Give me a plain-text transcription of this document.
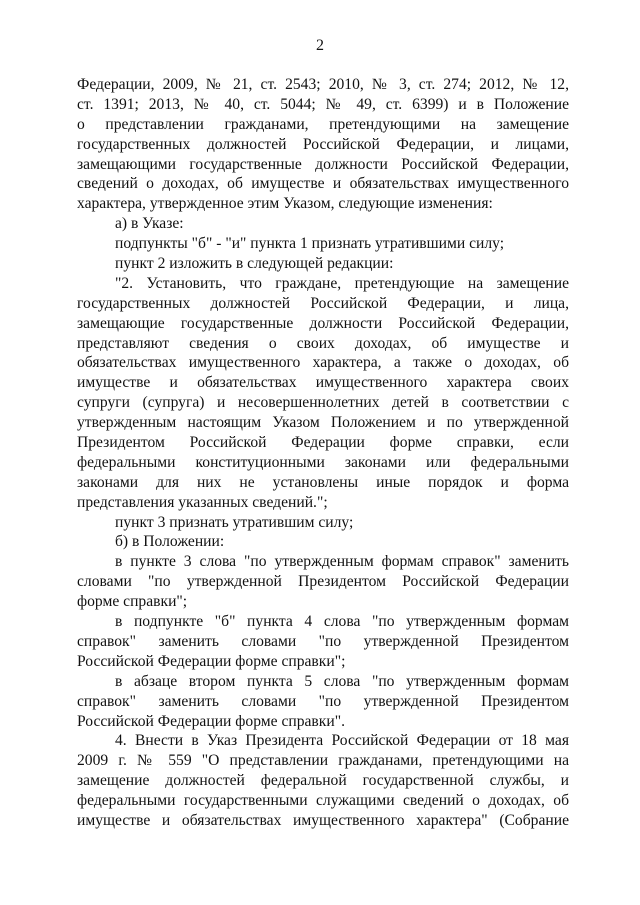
2
Федерации, 2009, № 21, ст. 2543; 2010, № 3, ст. 274; 2012, № 12,
ст. 1391; 2013, № 40, ст. 5044; № 49, ст. 6399) и в Положение
о представлении гражданами, претендующими на замещение
государственных должностей Российской Федерации, и лицами,
замещающими государственные должности Российской Федерации,
сведений о доходах, об имуществе и обязательствах имущественного
характера, утвержденное этим Указом, следующие изменения:
а) в Указе:
подпункты "б" - "и" пункта 1 признать утратившими силу;
пункт 2 изложить в следующей редакции:
"2. Установить, что граждане, претендующие на замещение
государственных должностей Российской Федерации, и лица,
замещающие государственные должности Российской Федерации,
представляют сведения о своих доходах, об имуществе и
обязательствах имущественного характера, а также о доходах, об
имуществе и обязательствах имущественного характера своих
супруги (супруга) и несовершеннолетних детей в соответствии с
утвержденным настоящим Указом Положением и по утвержденной
Президентом Российской Федерации форме справки, если
федеральными конституционными законами или федеральными
законами для них не установлены иные порядок и форма
представления указанных сведений.";
пункт 3 признать утратившим силу;
б) в Положении:
в пункте 3 слова "по утвержденным формам справок" заменить
словами "по утвержденной Президентом Российской Федерации
форме справки";
в подпункте "б" пункта 4 слова "по утвержденным формам
справок" заменить словами "по утвержденной Президентом
Российской Федерации форме справки";
в абзаце втором пункта 5 слова "по утвержденным формам
справок" заменить словами "по утвержденной Президентом
Российской Федерации форме справки".
4. Внести в Указ Президента Российской Федерации от 18 мая
2009 г. № 559 "О представлении гражданами, претендующими на
замещение должностей федеральной государственной службы, и
федеральными государственными служащими сведений о доходах, об
имуществе и обязательствах имущественного характера" (Собрание
